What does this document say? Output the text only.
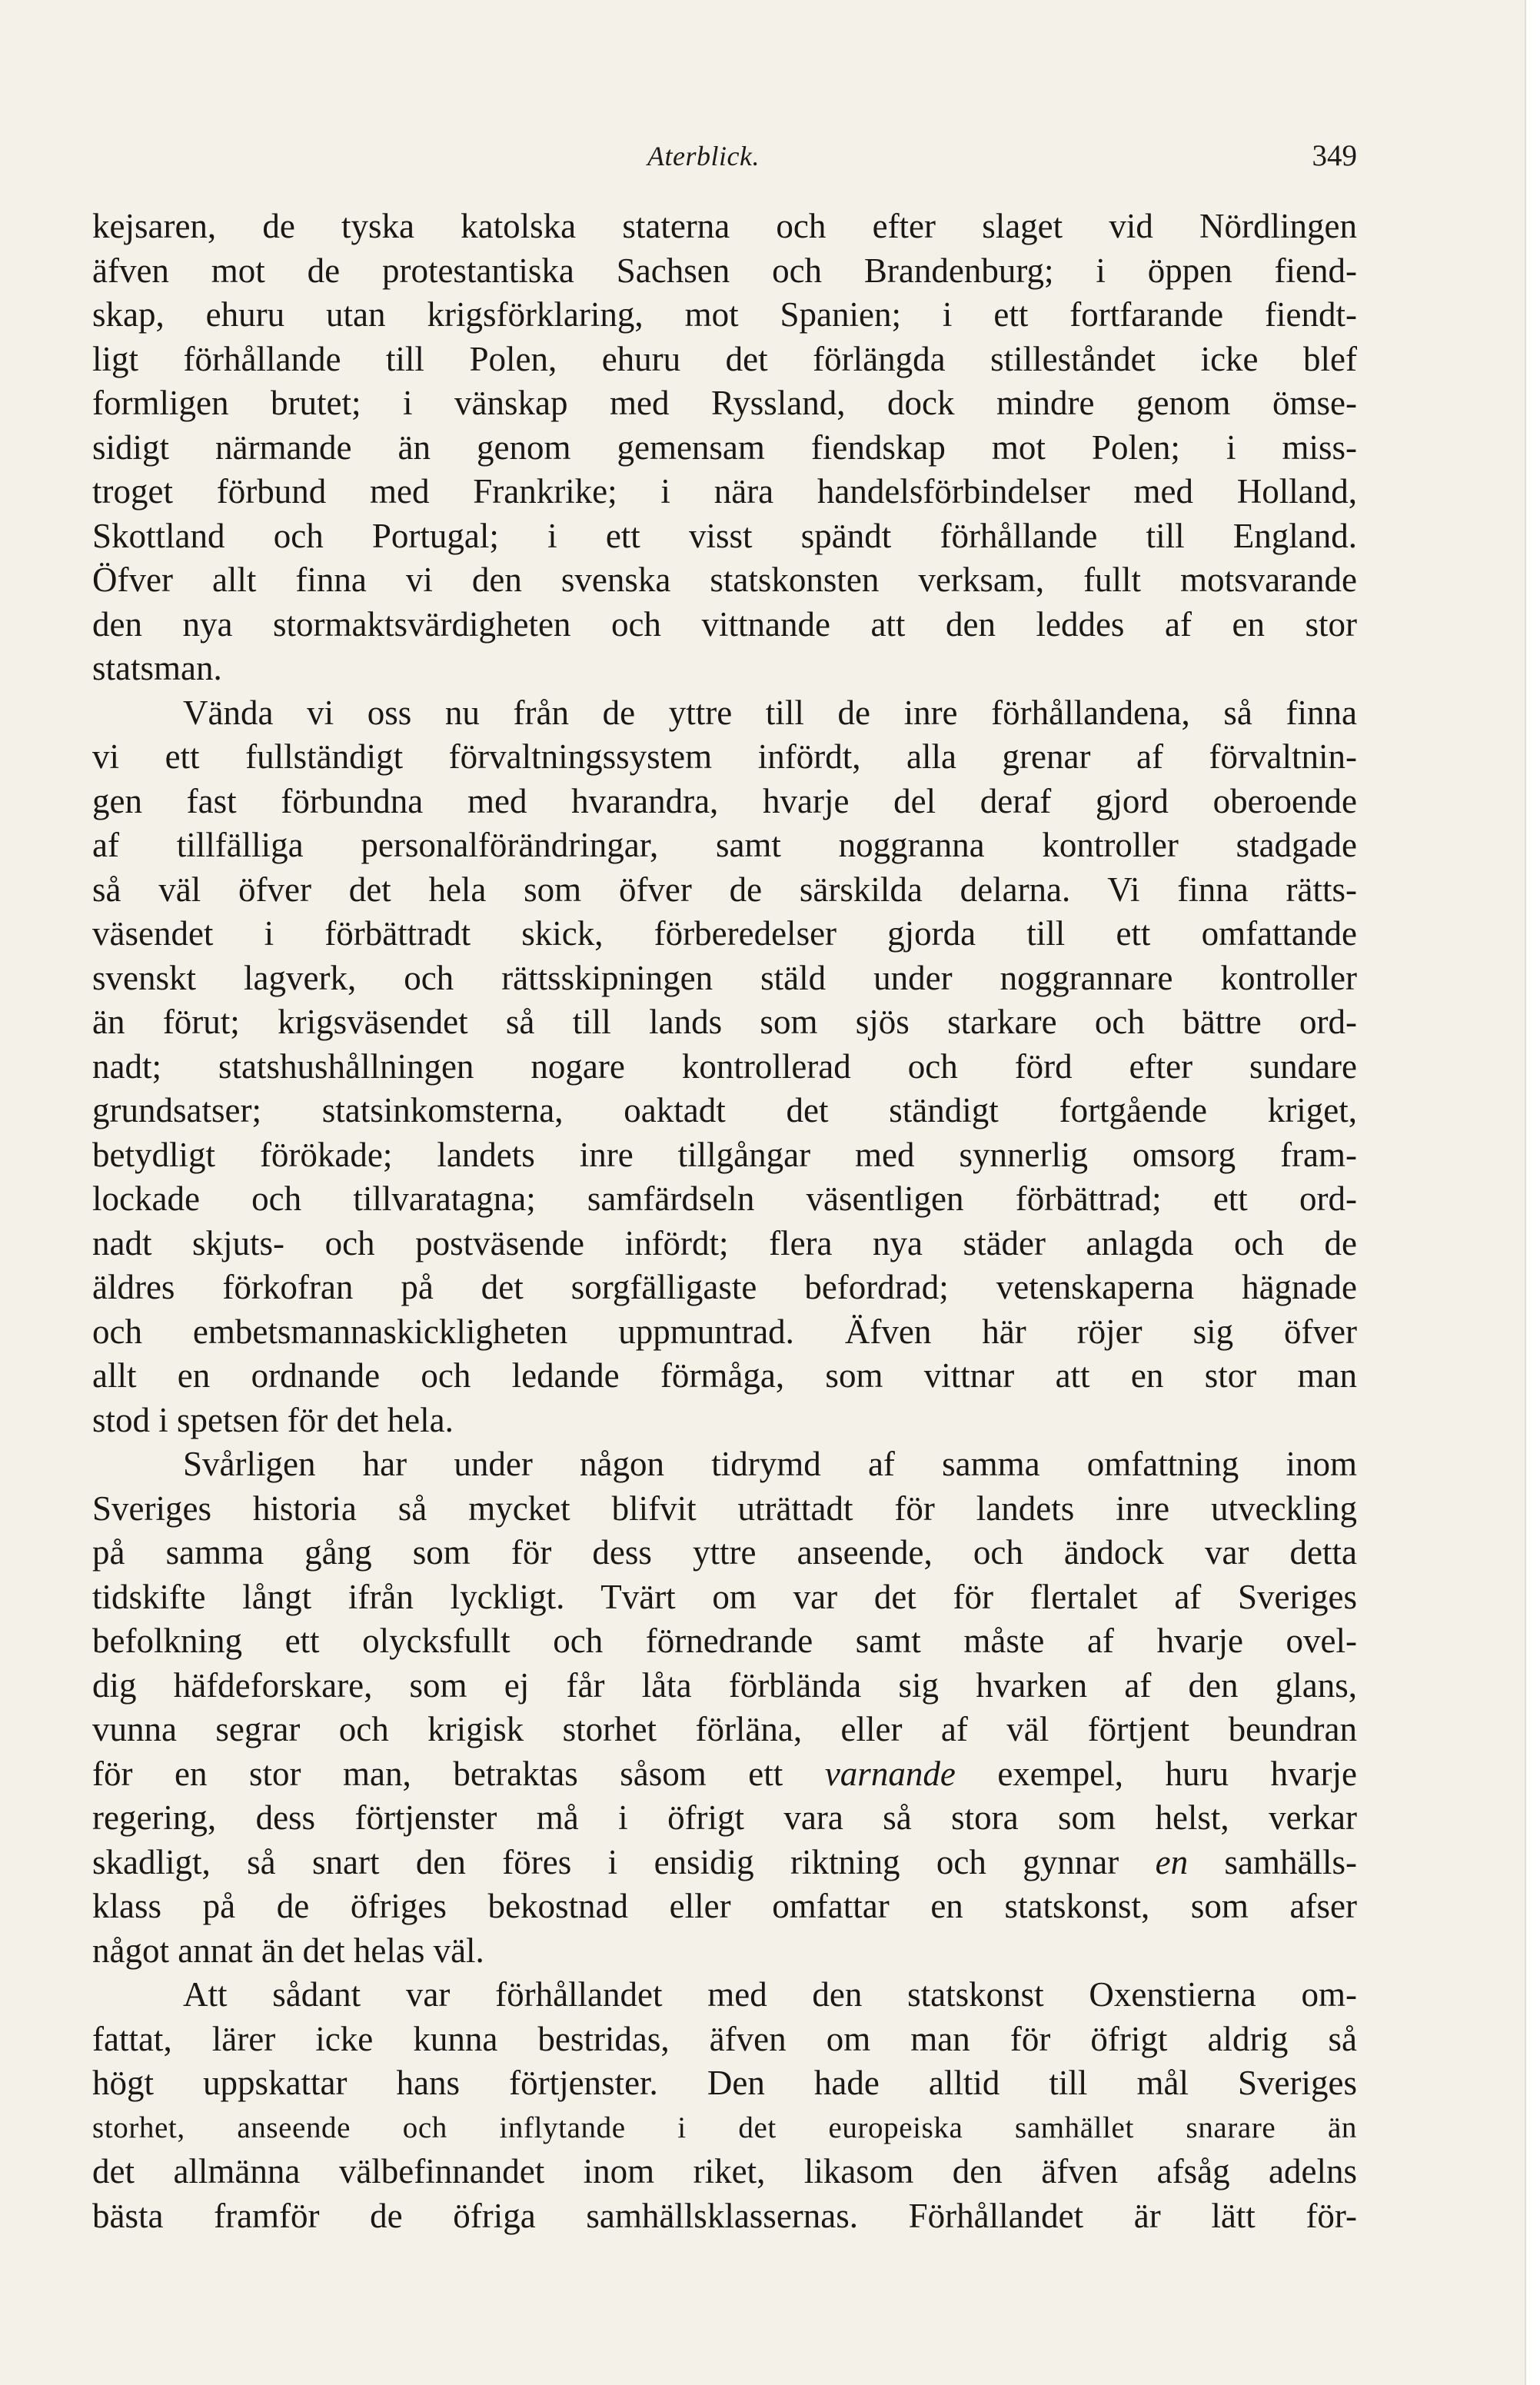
Aterblick.	349
kejsaren, de tyska katolska staterna och efter slaget vid Nördlingen
äfven mot de protestantiska Sachsen och Brandenburg; i öppen fiend-
skap, ehuru utan krigsförklaring, mot Spanien; i ett fortfarande fiendt-
ligt förhållande till Polen, ehuru det förlängda stilleståndet icke blef
formligen brutet; i vänskap med Ryssland, dock mindre genom ömse-
sidigt närmande än genom gemensam fiendskap mot Polen; i miss-
troget förbund med Frankrike; i nära handelsförbindelser med Holland,
Skottland och Portugal; i ett visst spändt förhållande till England.
Öfver allt finna vi den svenska statskonsten verksam, fullt motsvarande
den nya stormaktsvärdigheten och vittnande att den leddes af en stor
statsman.
Vända vi oss nu från de yttre till de inre förhållandena, så finna
vi ett fullständigt förvaltningssystem infördt, alla grenar af förvaltnin-
gen fast förbundna med hvarandra, hvarje del deraf gjord oberoende
af tillfälliga personalförändringar, samt noggranna kontroller stadgade
så väl öfver det hela som öfver de särskilda delarna. Vi finna rätts-
väsendet i förbättradt skick, förberedelser gjorda till ett omfattande
svenskt lagverk, och rättsskipningen stäld under noggrannare kontroller
än förut; krigsväsendet så till lands som sjös starkare och bättre ord-
nadt; statshushållningen nogare kontrollerad och förd efter sundare
grundsatser; statsinkomsterna, oaktadt det ständigt fortgående kriget,
betydligt förökade; landets inre tillgångar med synnerlig omsorg fram-
lockade och tillvaratagna; samfärdseln väsentligen förbättrad; ett ord-
nadt skjuts- och postväsende infördt; flera nya städer anlagda och de
äldres förkofran på det sorgfälligaste befordrad; vetenskaperna hägnade
och embetsmannaskickligheten uppmuntrad. Äfven här röjer sig öfver
allt en ordnande och ledande förmåga, som vittnar att en stor man
stod i spetsen för det hela.
Svårligen har under någon tidrymd af samma omfattning inom
Sveriges historia så mycket blifvit uträttadt för landets inre utveckling
på samma gång som för dess yttre anseende, och ändock var detta
tidskifte långt ifrån lyckligt. Tvärt om var det för flertalet af Sveriges
befolkning ett olycksfullt och förnedrande samt måste af hvarje ovel-
dig häfdeforskare, som ej får låta förblända sig hvarken af den glans,
vunna segrar och krigisk storhet förläna, eller af väl förtjent beundran
för en stor man, betraktas såsom ett varnande exempel, huru hvarje
regering, dess förtjenster må i öfrigt vara så stora som helst, verkar
skadligt, så snart den föres i ensidig riktning och gynnar en samhälls-
klass på de öfriges bekostnad eller omfattar en statskonst, som afser
något annat än det helas väl.
Att sådant var förhållandet med den statskonst Oxenstierna om-
fattat, lärer icke kunna bestridas, äfven om man för öfrigt aldrig så
högt uppskattar hans förtjenster. Den hade alltid till mål Sveriges
storhet, anseende och inflytande i det europeiska samhället snarare än
det allmänna välbefinnandet inom riket, likasom den äfven afsåg adelns
bästa framför de öfriga samhällsklassernas. Förhållandet är lätt för-
